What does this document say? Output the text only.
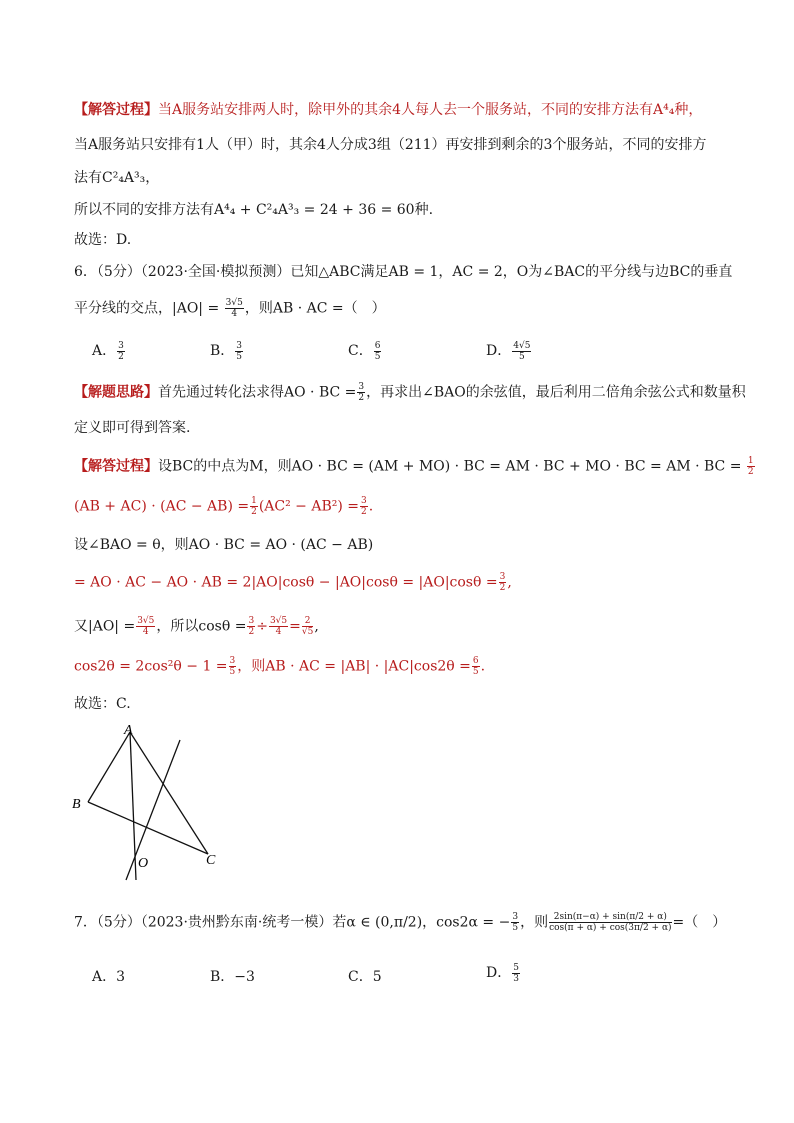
【解答过程】当A服务站安排两人时，除甲外的其余4人每人去一个服务站，不同的安排方法有A⁴₄种，
当A服务站只安排有1人（甲）时，其余4人分成3组（211）再安排到剩余的3个服务站，不同的安排方
法有C²₄A³₃，
所以不同的安排方法有A⁴₄ + C²₄A³₃ = 24 + 36 = 60种.
故选：D.
6．（5分）（2023·全国·模拟预测）已知△ABC满足AB = 1，AC = 2，O为∠BAC的平分线与边BC的垂直
平分线的交点，$|AO| = \frac{3√5}{4}$ ，则AB · AC =（　）
A． $\frac{3}{2}$	B． $\frac{3}{5}$	C． $\frac{6}{5}$	D． $\frac{4√5}{5}$
【解题思路】首先通过转化法求得AO · BC = $\frac{3}{2}$ ，再求出∠BAO的余弦值，最后利用二倍角余弦公式和数量积
定义即可得到答案.
【解答过程】设BC的中点为M，则AO · BC = (AM + MO) · BC = AM · BC + MO · BC = AM · BC = $\frac{1}{2}$
$(AB + AC) \cdot (AC - AB) = \frac{1}{2} (AC^2 - AB^2) = \frac{3}{2}$ .
设∠BAO = θ，则AO · BC = AO · (AC − AB)
= AO · AC − AO · AB = $2|AO|\cos\theta - |AO|\cos\theta = |AO|\cos\theta = \frac{3}{2}$ ,
又$|AO| = \frac{3√5}{4}$ ，所以$\cos\theta = \frac{3}{2} \div \frac{3√5}{4} = \frac{2}{√5}$ ,
$\cos 2\theta = 2\cos^2\theta - 1 = \frac{3}{5}$ ，则AB · AC = $|AB| \cdot |AC|\cos 2\theta = \frac{6}{5}$ .
故选：C.
A
B
C
O
7．（5分）（2023·贵州黔东南·统考一模）若α ∈ (0,π/2)，cos2α = − $\frac{3}{5}$ ，则 $\frac{2\sin(\pi-\alpha) + \sin(\pi/2 + \alpha)}{\cos(\pi + \alpha) + \cos(3\pi/2 + \alpha)}$ =（　）
A．3	B．−3	C．5	D． $\frac{5}{3}$
